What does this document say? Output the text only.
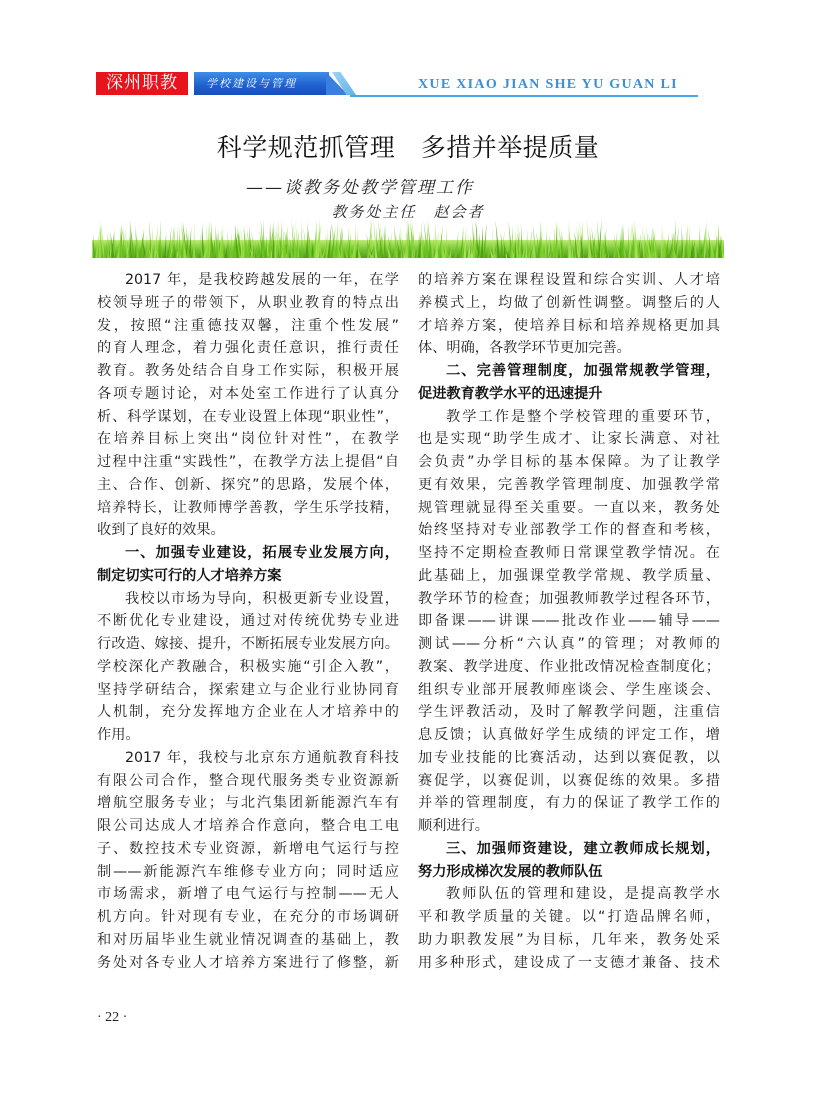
深州职教	学校建设与管理	XUE XIAO JIAN SHE YU GUAN LI
科学规范抓管理　多措并举提质量
——谈教务处教学管理工作
教务处主任　赵会者
2017 年，是我校跨越发展的一年，在学
校领导班子的带领下，从职业教育的特点出
发，按照“注重德技双馨，注重个性发展”
的育人理念，着力强化责任意识，推行责任
教育。教务处结合自身工作实际，积极开展
各项专题讨论，对本处室工作进行了认真分
析、科学谋划，在专业设置上体现“职业性”，
在培养目标上突出“岗位针对性”，在教学
过程中注重“实践性”，在教学方法上提倡“自
主、合作、创新、探究”的思路，发展个体，
培养特长，让教师博学善教，学生乐学技精，
收到了良好的效果。
一、加强专业建设，拓展专业发展方向，
制定切实可行的人才培养方案
我校以市场为导向，积极更新专业设置，
不断优化专业建设，通过对传统优势专业进
行改造、嫁接、提升，不断拓展专业发展方向。
学校深化产教融合，积极实施“引企入教”，
坚持学研结合，探索建立与企业行业协同育
人机制，充分发挥地方企业在人才培养中的
作用。
2017 年，我校与北京东方通航教育科技
有限公司合作，整合现代服务类专业资源新
增航空服务专业；与北汽集团新能源汽车有
限公司达成人才培养合作意向，整合电工电
子、数控技术专业资源，新增电气运行与控
制——新能源汽车维修专业方向；同时适应
市场需求，新增了电气运行与控制——无人
机方向。针对现有专业，在充分的市场调研
和对历届毕业生就业情况调查的基础上，教
务处对各专业人才培养方案进行了修整，新
的培养方案在课程设置和综合实训、人才培
养模式上，均做了创新性调整。调整后的人
才培养方案，使培养目标和培养规格更加具
体、明确，各教学环节更加完善。
二、完善管理制度，加强常规教学管理，
促进教育教学水平的迅速提升
教学工作是整个学校管理的重要环节，
也是实现“助学生成才、让家长满意、对社
会负责”办学目标的基本保障。为了让教学
更有效果，完善教学管理制度、加强教学常
规管理就显得至关重要。一直以来，教务处
始终坚持对专业部教学工作的督查和考核，
坚持不定期检查教师日常课堂教学情况。在
此基础上，加强课堂教学常规、教学质量、
教学环节的检查；加强教师教学过程各环节，
即备课——讲课——批改作业——辅导——
测试——分析“六认真”的管理；对教师的
教案、教学进度、作业批改情况检查制度化；
组织专业部开展教师座谈会、学生座谈会、
学生评教活动，及时了解教学问题，注重信
息反馈；认真做好学生成绩的评定工作，增
加专业技能的比赛活动，达到以赛促教，以
赛促学，以赛促训，以赛促练的效果。多措
并举的管理制度，有力的保证了教学工作的
顺利进行。
三、加强师资建设，建立教师成长规划，
努力形成梯次发展的教师队伍
教师队伍的管理和建设，是提高教学水
平和教学质量的关键。以“打造品牌名师，
助力职教发展”为目标，几年来，教务处采
用多种形式，建设成了一支德才兼备、技术
· 22 ·
